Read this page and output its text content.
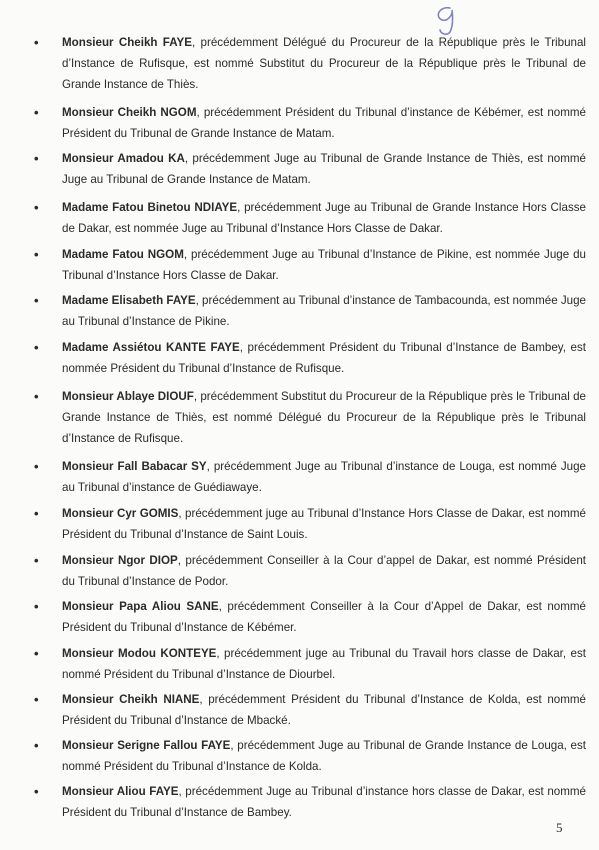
•	Monsieur Cheikh FAYE, précédemment Délégué du Procureur de la République près le Tribunal d’Instance de Rufisque, est nommé Substitut du Procureur de la République près le Tribunal de Grande Instance de Thiès.
•	Monsieur Cheikh NGOM, précédemment Président du Tribunal d’instance de Kébémer, est nommé Président du Tribunal de Grande Instance de Matam.
•	Monsieur Amadou KA, précédemment Juge au Tribunal de Grande Instance de Thiès, est nommé Juge au Tribunal de Grande Instance de Matam.
•	Madame Fatou Binetou NDIAYE, précédemment Juge au Tribunal de Grande Instance Hors Classe de Dakar, est nommée Juge au Tribunal d’Instance Hors Classe de Dakar.
•	Madame Fatou NGOM, précédemment Juge au Tribunal d’Instance de Pikine, est nommée Juge du Tribunal d’Instance Hors Classe de Dakar.
•	Madame Elisabeth FAYE, précédemment au Tribunal d’instance de Tambacounda, est nommée Juge au Tribunal d’Instance de Pikine.
•	Madame Assiétou KANTE FAYE, précédemment Président du Tribunal d’Instance de Bambey, est nommée Président du Tribunal d’Instance de Rufisque.
•	Monsieur Ablaye DIOUF, précédemment Substitut du Procureur de la République près le Tribunal de Grande Instance de Thiès, est nommé Délégué du Procureur de la République près le Tribunal d’Instance de Rufisque.
•	Monsieur Fall Babacar SY, précédemment Juge au Tribunal d’instance de Louga, est nommé Juge au Tribunal d’instance de Guédiawaye.
•	Monsieur Cyr GOMIS, précédemment juge au Tribunal d’Instance Hors Classe de Dakar, est nommé Président du Tribunal d’Instance de Saint Louis.
•	Monsieur Ngor DIOP, précédemment Conseiller à la Cour d’appel de Dakar, est nommé Président du Tribunal d’Instance de Podor.
•	Monsieur Papa Aliou SANE, précédemment Conseiller à la Cour d’Appel de Dakar, est nommé Président du Tribunal d’Instance de Kébémer.
•	Monsieur Modou KONTEYE, précédemment juge au Tribunal du Travail hors classe de Dakar, est nommé Président du Tribunal d’Instance de Diourbel.
•	Monsieur Cheikh NIANE, précédemment Président du Tribunal d’Instance de Kolda, est nommé Président du Tribunal d’Instance de Mbacké.
•	Monsieur Serigne Fallou FAYE, précédemment Juge au Tribunal de Grande Instance de Louga, est nommé Président du Tribunal d’Instance de Kolda.
•	Monsieur Aliou FAYE, précédemment Juge au Tribunal d’instance hors classe de Dakar, est nommé Président du Tribunal d’Instance de Bambey.
5
